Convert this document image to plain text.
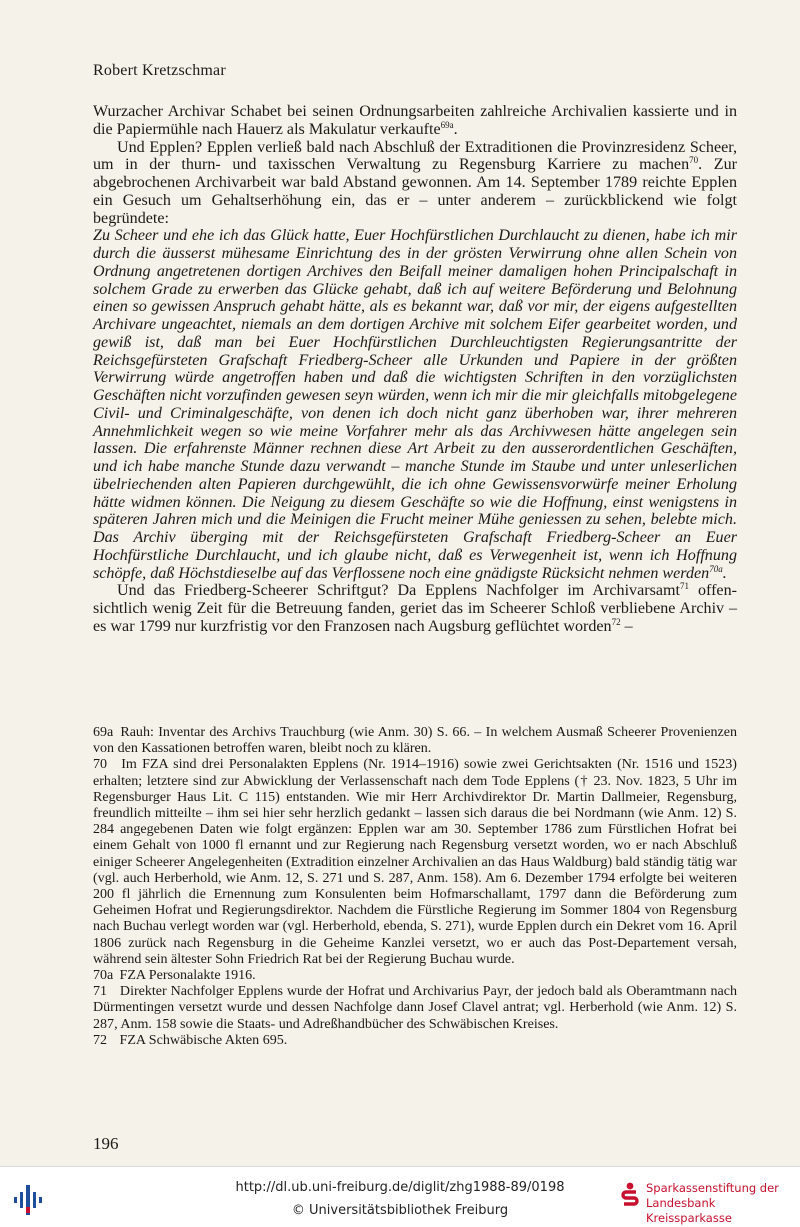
Robert Kretzschmar

Wurzacher Archivar Schabet bei seinen Ordnungsarbeiten zahlreiche Archivalien kassierte und in die Papiermühle nach Hauerz als Makulatur verkaufte$^{69a}$.

Und Epplen? Epplen verließ bald nach Abschluß der Extraditionen die Provinzresidenz Scheer, um in der thurn- und taxisschen Verwaltung zu Regensburg Karriere zu machen$^{70}$. Zur abgebrochenen Archivarbeit war bald Abstand gewonnen. Am 14. September 1789 reichte Epplen ein Gesuch um Gehaltserhöhung ein, das er – unter anderem – zurückblickend wie folgt begründete:

Zu Scheer und ehe ich das Glück hatte, Euer Hochfürstlichen Durchlaucht zu dienen, habe ich mir durch die äusserst mühesame Einrichtung des in der grösten Verwirrung ohne allen Schein von Ordnung angetretenen dortigen Archives den Beifall meiner damaligen hohen Principalschaft in solchem Grade zu erwerben das Glücke gehabt, daß ich auf weitere Beförderung und Belohnung einen so gewissen Anspruch gehabt hätte, als es bekannt war, daß vor mir, der eigens aufgestellten Archivare ungeachtet, niemals an dem dortigen Archive mit solchem Eifer gearbeitet worden, und gewiß ist, daß man bei Euer Hochfürstlichen Durchleuchtigsten Regierungsantritte der Reichsgefürsteten Grafschaft Friedberg-Scheer alle Urkunden und Papiere in der größten Verwirrung würde angetroffen haben und daß die wichtigsten Schriften in den vorzüglichsten Geschäften nicht vorzufinden gewesen seyn würden, wenn ich mir die mir gleichfalls mitobgelegene Civil- und Criminalgeschäfte, von denen ich doch nicht ganz überhoben war, ihrer mehreren Annehmlichkeit wegen so wie meine Vorfahrer mehr als das Archivwesen hätte angelegen sein lassen. Die erfahrenste Männer rechnen diese Art Arbeit zu den ausserordentlichen Geschäften, und ich habe manche Stunde dazu verwandt – manche Stunde im Staube und unter unleserlichen übelriechenden alten Papieren durchgewühlt, die ich ohne Gewissensvorwürfe meiner Erholung hätte widmen können. Die Neigung zu diesem Geschäfte so wie die Hoffnung, einst wenigstens in späteren Jahren mich und die Meinigen die Frucht meiner Mühe geniessen zu sehen, belebte mich. Das Archiv überging mit der Reichsgefürsteten Grafschaft Friedberg-Scheer an Euer Hochfürstliche Durchlaucht, und ich glaube nicht, daß es Verwegenheit ist, wenn ich Hoffnung schöpfe, daß Höchstdieselbe auf das Verflossene noch eine gnädigste Rücksicht nehmen werden$^{70a}$.

Und das Friedberg-Scheerer Schriftgut? Da Epplens Nachfolger im Archivarsamt$^{71}$ offensichtlich wenig Zeit für die Betreuung fanden, geriet das im Scheerer Schloß verbliebene Archiv – es war 1799 nur kurzfristig vor den Franzosen nach Augsburg geflüchtet worden$^{72}$ –

69a Rauh: Inventar des Archivs Trauchburg (wie Anm. 30) S. 66. – In welchem Ausmaß Scheerer Provenienzen von den Kassationen betroffen waren, bleibt noch zu klären.

70 Im FZA sind drei Personalakten Epplens (Nr. 1914–1916) sowie zwei Gerichtsakten (Nr. 1516 und 1523) erhalten; letztere sind zur Abwicklung der Verlassenschaft nach dem Tode Epplens († 23. Nov. 1823, 5 Uhr im Regensburger Haus Lit. C 115) entstanden. Wie mir Herr Archivdirektor Dr. Martin Dallmeier, Regensburg, freundlich mitteilte – ihm sei hier sehr herzlich gedankt – lassen sich daraus die bei Nordmann (wie Anm. 12) S. 284 angegebenen Daten wie folgt ergänzen: Epplen war am 30. September 1786 zum Fürstlichen Hofrat bei einem Gehalt von 1000 fl ernannt und zur Regierung nach Regensburg versetzt worden, wo er nach Abschluß einiger Scheerer Angelegenheiten (Extradition einzelner Archivalien an das Haus Waldburg) bald ständig tätig war (vgl. auch Herberhold, wie Anm. 12, S. 271 und S. 287, Anm. 158). Am 6. Dezember 1794 erfolgte bei weiteren 200 fl jährlich die Ernennung zum Konsulenten beim Hofmarschallamt, 1797 dann die Beförderung zum Geheimen Hofrat und Regierungsdirektor. Nachdem die Fürstliche Regierung im Sommer 1804 von Regensburg nach Buchau verlegt worden war (vgl. Herberhold, ebenda, S. 271), wurde Epplen durch ein Dekret vom 16. April 1806 zurück nach Regensburg in die Geheime Kanzlei versetzt, wo er auch das Post-Departement versah, während sein ältester Sohn Friedrich Rat bei der Regierung Buchau wurde.

70a FZA Personalakte 1916.

71 Direkter Nachfolger Epplens wurde der Hofrat und Archivarius Payr, der jedoch bald als Oberamtmann nach Dürmentingen versetzt wurde und dessen Nachfolge dann Josef Clavel antrat; vgl. Herberhold (wie Anm. 12) S. 287, Anm. 158 sowie die Staats- und Adreßhandbücher des Schwäbischen Kreises.

72 FZA Schwäbische Akten 695.

196
http://dl.ub.uni-freiburg.de/diglit/zhg1988-89/0198
© Universitätsbibliothek Freiburg
Sparkassenstiftung der
Landesbank Kreissparkasse
